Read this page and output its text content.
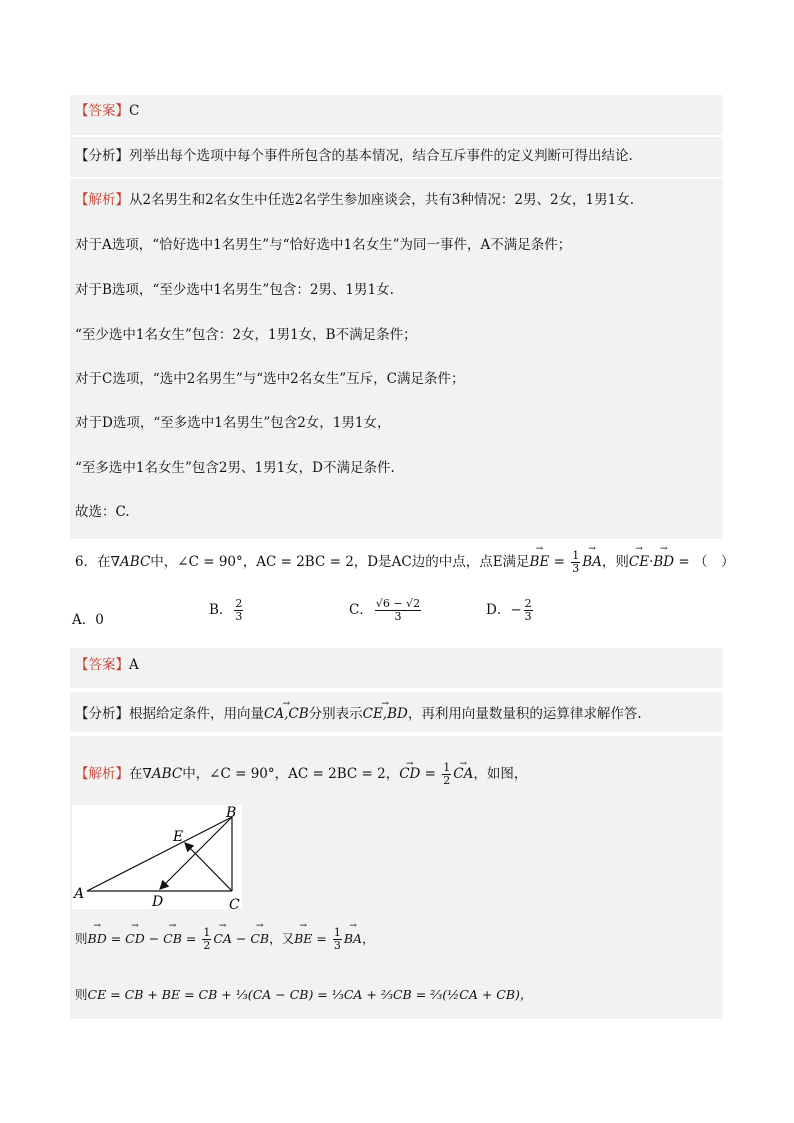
【答案】C
【分析】列举出每个选项中每个事件所包含的基本情况，结合互斥事件的定义判断可得出结论.
【解析】从2名男生和2名女生中任选2名学生参加座谈会，共有3种情况：2男、2女，1男1女.
对于A选项，“恰好选中1名男生”与“恰好选中1名女生”为同一事件，A不满足条件；
对于B选项，“至少选中1名男生”包含：2男、1男1女.
“至少选中1名女生”包含：2女，1男1女，B不满足条件；
对于C选项，“选中2名男生”与“选中2名女生”互斥，C满足条件；
对于D选项，“至多选中1名男生”包含2女，1男1女，
“至多选中1名女生”包含2男、1男1女，D不满足条件.
故选：C.
6．在∇ABC中，∠C = 90°，AC = 2BC = 2，D是AC边的中点，点E满足→ BE = $\frac{1}{3}$ → BA，则→ CE·→ BD = （　）
A．0
B． $\frac{2}{3}$	C． $\frac{√6 - √2}{3}$	D．− $\frac{2}{3}$
【答案】A
【分析】根据给定条件，用向量→ CA,CB分别表示→ CE,BD，再利用向量数量积的运算律求解作答.
【解析】在∇ABC中，∠C = 90°，AC = 2BC = 2，→ CD = $\frac{1}{2}$ → CA，如图，
A
B
C
D
E
则→ BD = → CD − → CB = $\frac{1}{2}$ → CA − → CB，又→ BE = $\frac{1}{3}$ → BA，
则CE = CB + BE = CB + ⅓(CA − CB) = ⅓CA + ⅔CB = ⅔(½CA + CB)，
